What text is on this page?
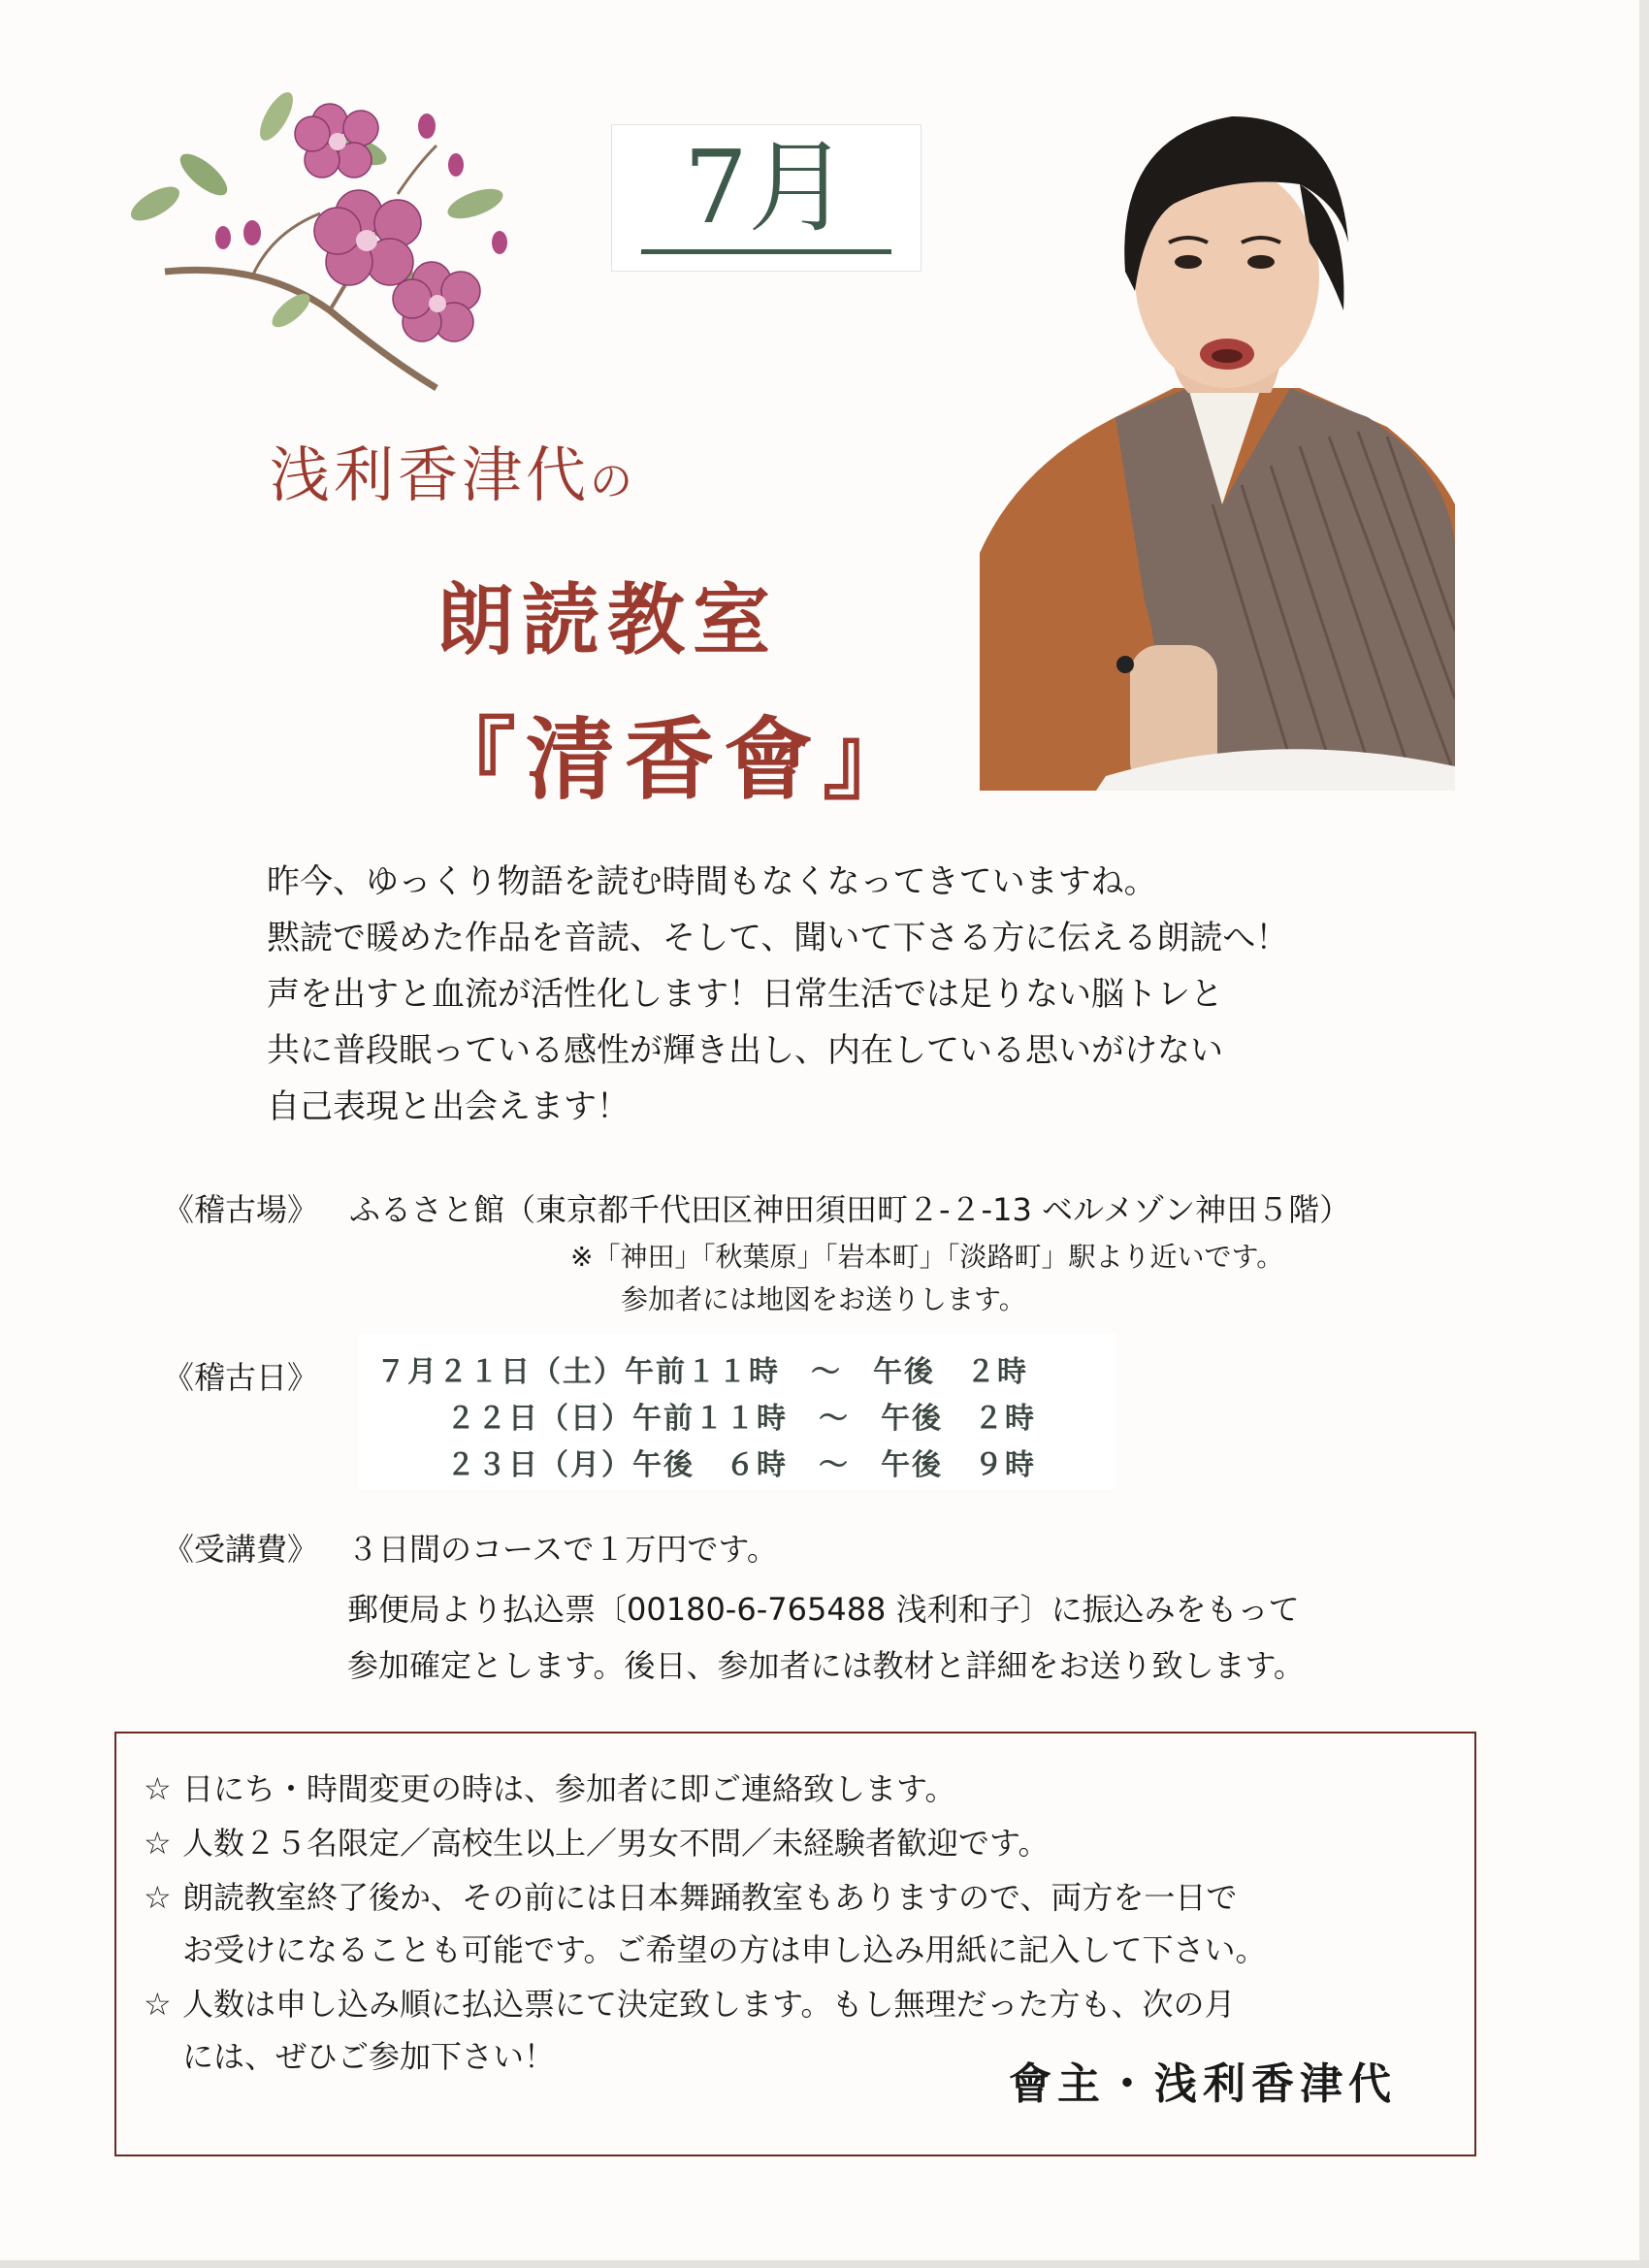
7月
浅利香津代の
朗読教室
『清香會』
昨今、ゆっくり物語を読む時間もなくなってきていますね。
黙読で暖めた作品を音読、そして、聞いて下さる方に伝える朗読へ！
声を出すと血流が活性化します！日常生活では足りない脳トレと
共に普段眠っている感性が輝き出し、内在している思いがけない
自己表現と出会えます！
《稽古場》 ふるさと館（東京都千代田区神田須田町２-２-13 ベルメゾン神田５階）
※「神田」「秋葉原」「岩本町」「淡路町」駅より近いです。
参加者には地図をお送りします。
《稽古日》 ７月２１日（土）午前１１時　～　午後　２時
２２日（日）午前１１時　～　午後　２時
２３日（月）午後　６時　～　午後　９時
《受講費》 ３日間のコースで１万円です。
郵便局より払込票〔00180-6-765488 浅利和子〕に振込みをもって
参加確定とします。後日、参加者には教材と詳細をお送り致します。
☆ 日にち・時間変更の時は、参加者に即ご連絡致します。
☆ 人数２５名限定／高校生以上／男女不問／未経験者歓迎です。
☆ 朗読教室終了後か、その前には日本舞踊教室もありますので、両方を一日で
お受けになることも可能です。ご希望の方は申し込み用紙に記入して下さい。
☆ 人数は申し込み順に払込票にて決定致します。もし無理だった方も、次の月
には、ぜひご参加下さい！
會主・浅利香津代
